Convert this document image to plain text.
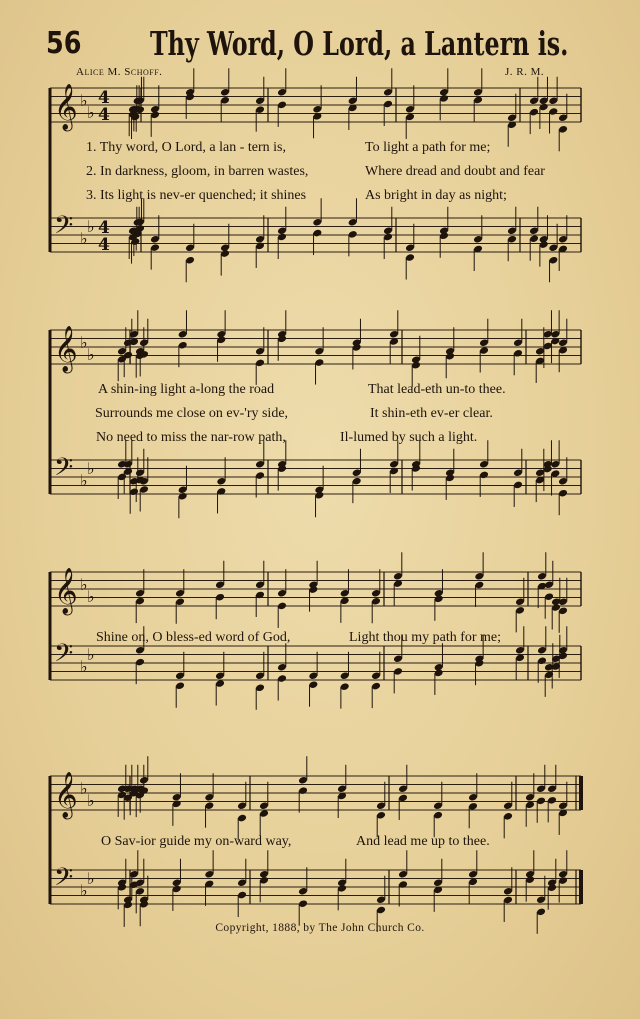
56 Thy Word, O Lord, a Lantern is.
Alice M. Schoff.	J. R. M.
𝄞 ♭
♭
4
4
𝄢 ♭
♭ 4
4
1. Thy word, O Lord, a lan - tern is,	To light a path for me;
2. In darkness, gloom, in barren wastes,	Where dread and doubt and fear
3. Its light is nev-er quenched; it shines	As bright in day as night;
𝄞 ♭
♭
𝄢 ♭
♭
A shin-ing light a-long the road	That lead-eth un-to thee.
Surrounds me close on ev-'ry side,	It shin-eth ev-er clear.
No need to miss the nar-row path,	Il-lumed by such a light.
𝄞 ♭
♭
𝄢 ♭
♭
Shine on, O bless-ed word of God,	Light thou my path for me;
𝄞 ♭
♭
𝄢 ♭
♭
O Sav-ior guide my on-ward way,	And lead me up to thee.
Copyright, 1888, by The John Church Co.
